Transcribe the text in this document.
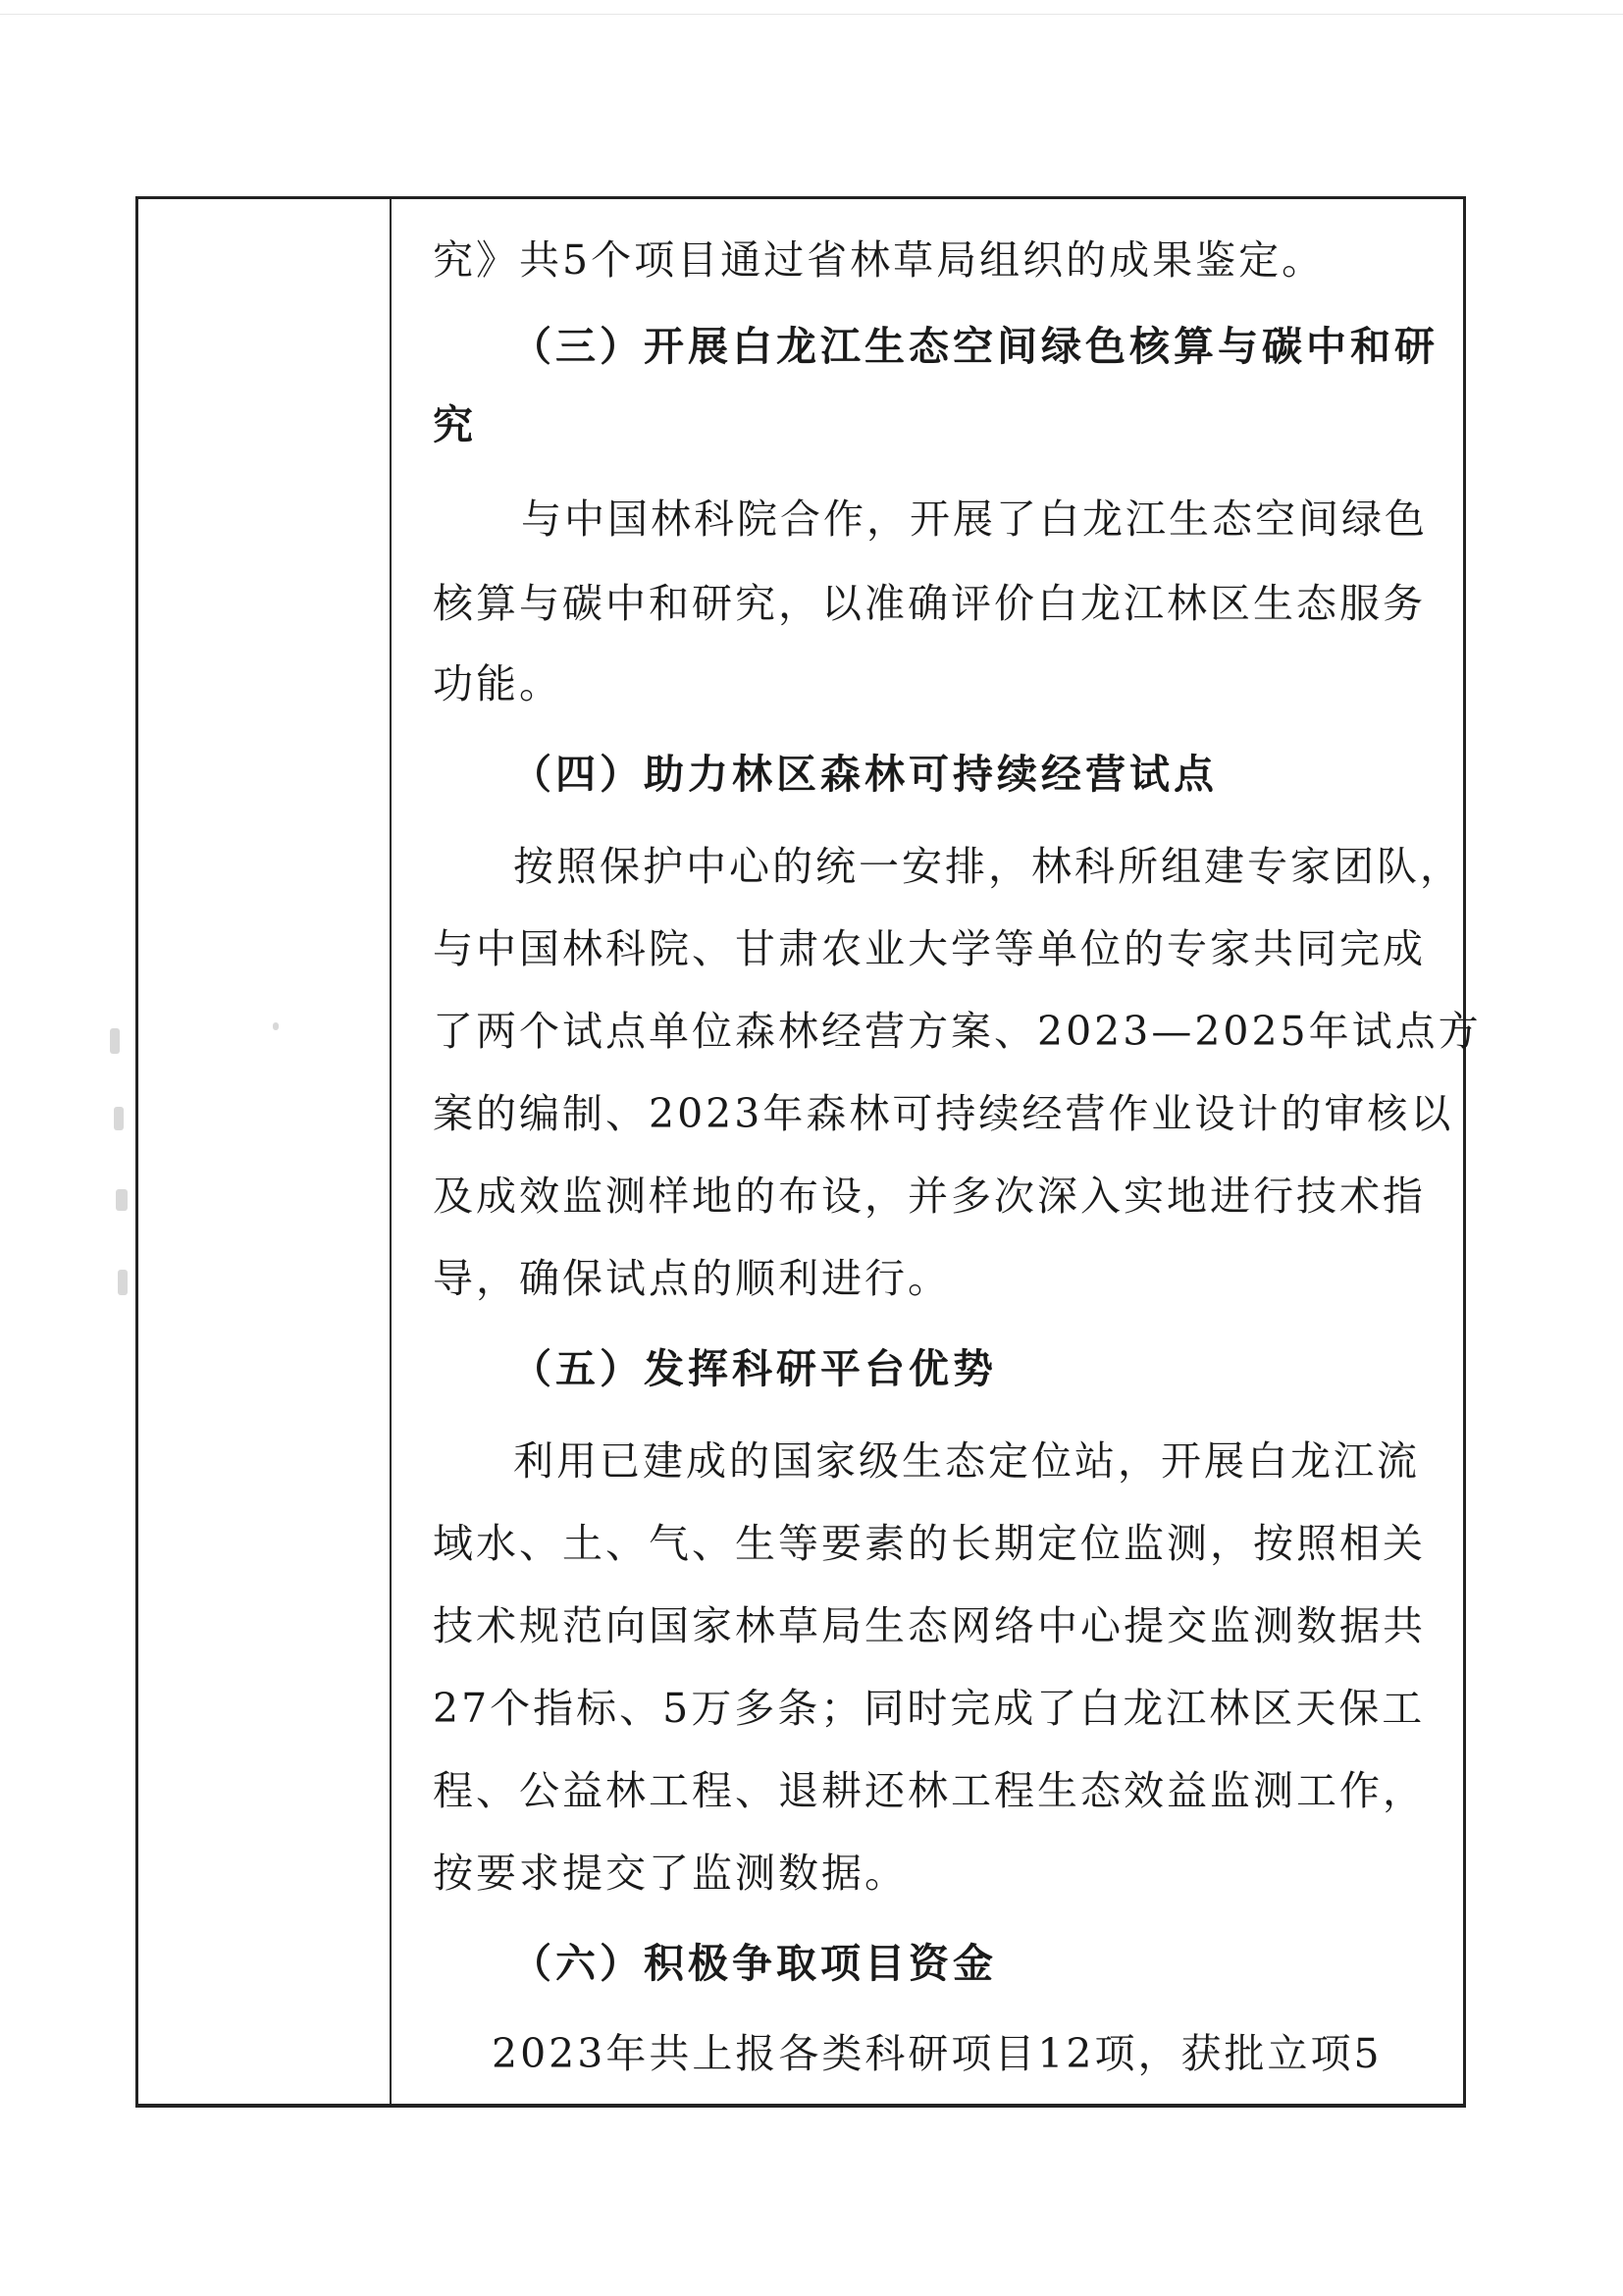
究》共5个项目通过省林草局组织的成果鉴定。
（三）开展白龙江生态空间绿色核算与碳中和研
究
与中国林科院合作，开展了白龙江生态空间绿色
核算与碳中和研究，以准确评价白龙江林区生态服务
功能。
（四）助力林区森林可持续经营试点
按照保护中心的统一安排，林科所组建专家团队，
与中国林科院、甘肃农业大学等单位的专家共同完成
了两个试点单位森林经营方案、2023—2025年试点方
案的编制、2023年森林可持续经营作业设计的审核以
及成效监测样地的布设，并多次深入实地进行技术指
导，确保试点的顺利进行。
（五）发挥科研平台优势
利用已建成的国家级生态定位站，开展白龙江流
域水、土、气、生等要素的长期定位监测，按照相关
技术规范向国家林草局生态网络中心提交监测数据共
27个指标、5万多条；同时完成了白龙江林区天保工
程、公益林工程、退耕还林工程生态效益监测工作，
按要求提交了监测数据。
（六）积极争取项目资金
2023年共上报各类科研项目12项，获批立项5
